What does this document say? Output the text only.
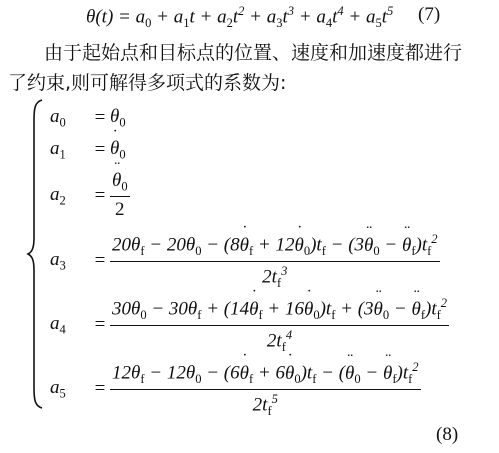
$\theta(t) = a_0 + a_1t + a_2t^2 + a_3t^3 + a_4t^4 + a_5t^5$ (7)
由于起始点和目标点的位置、速度和加速度都进行
了约束,则可解得多项式的系数为:
$a_0$	= $\theta_0$
$a_1$	= θ $˙_0$
$a_2$	= $\frac{\theta ¨_0}{2}$
$a_3$	= $\frac{20\theta_f - 20\theta_0 - (8\theta ˙_f + 12\theta ˙_0)t_f - (3\theta ¨_0 - \theta ¨_f)t_f^2}{2t_f^3}$
$a_4$	= $\frac{30\theta_0 - 30\theta_f + (14\theta ˙_f + 16\theta ˙_0)t_f + (3\theta ¨_0 - \theta ¨_f)t_f^2}{2t_f^4}$
$a_5$	= $\frac{12\theta_f - 12\theta_0 - (6\theta ˙_f + 6\theta ˙_0)t_f - (\theta ¨_0 - \theta ¨_f)t_f^2}{2t_f^5}$
(8)
